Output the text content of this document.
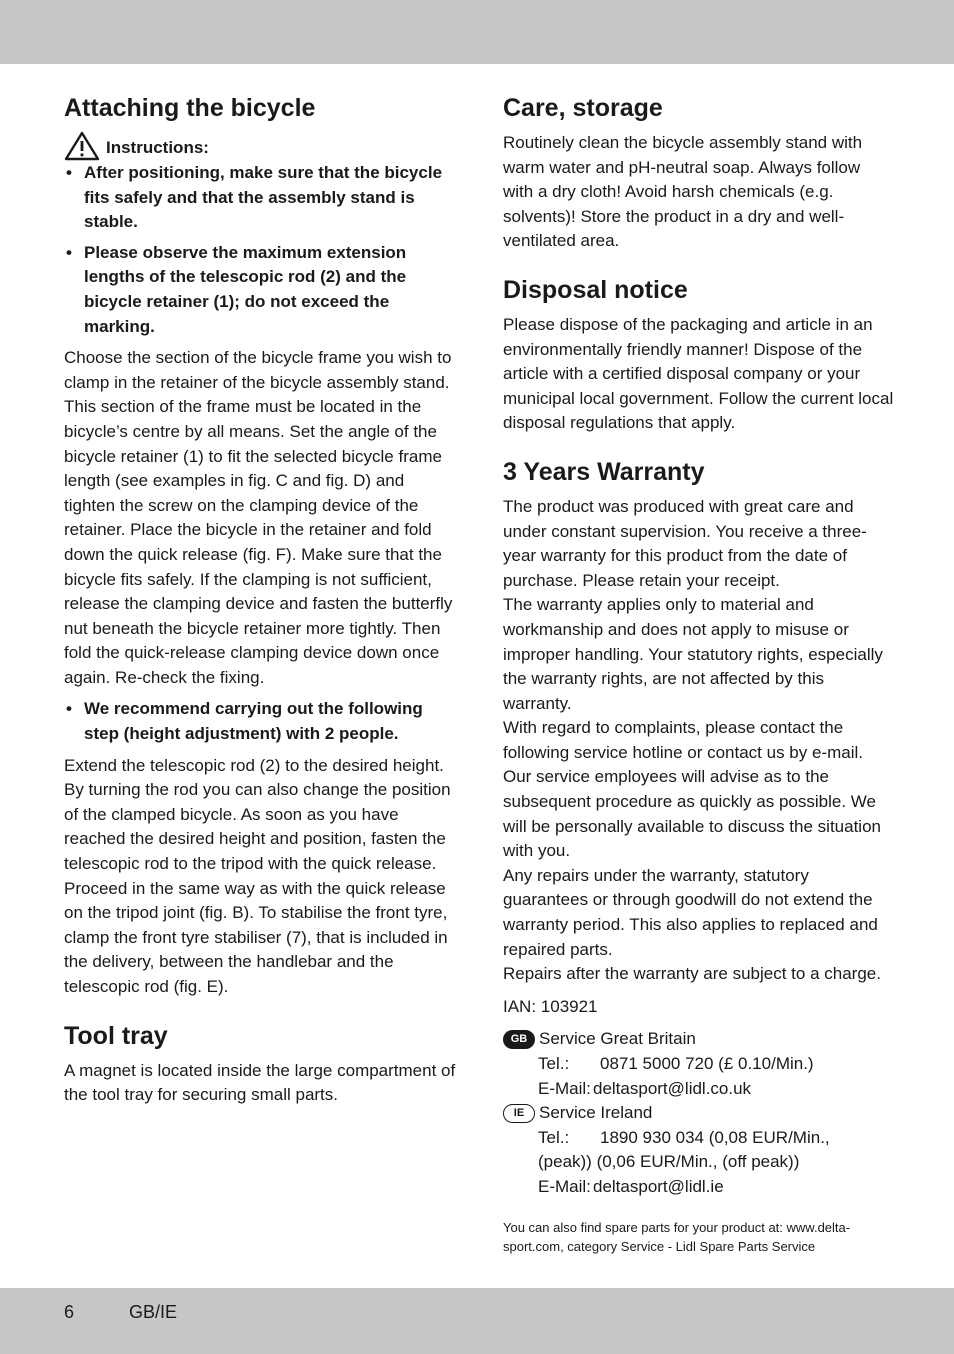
Attaching the bicycle
Instructions:
• After positioning, make sure that the bicycle fits safely and that the assembly stand is stable.
• Please observe the maximum extension lengths of the telescopic rod (2) and the bicycle retainer (1); do not exceed the marking.

Choose the section of the bicycle frame you wish to clamp in the retainer of the bicycle assembly stand. This section of the frame must be located in the bicycle’s centre by all means. Set the angle of the bicycle retainer (1) to fit the selected bicycle frame length (see examples in fig. C and fig. D) and tighten the screw on the clamping device of the retainer. Place the bicycle in the retainer and fold down the quick release (fig. F). Make sure that the bicycle fits safely. If the clamping is not sufficient, release the clamping device and fasten the butterfly nut beneath the bicycle retainer more tightly. Then fold the quick-release clamping device down once again. Re-check the fixing.

• We recommend carrying out the following step (height adjustment) with 2 people.

Extend the telescopic rod (2) to the desired height. By turning the rod you can also change the position of the clamped bicycle. As soon as you have reached the desired height and position, fasten the telescopic rod to the tripod with the quick release. Proceed in the same way as with the quick release on the tripod joint (fig. B). To stabilise the front tyre, clamp the front tyre stabiliser (7), that is included in the delivery, between the handlebar and the telescopic rod (fig. E).

Tool tray

A magnet is located inside the large compartment of the tool tray for securing small parts.

Care, storage

Routinely clean the bicycle assembly stand with warm water and pH-neutral soap. Always follow with a dry cloth! Avoid harsh chemicals (e.g. solvents)! Store the product in a dry and well-ventilated area.

Disposal notice

Please dispose of the packaging and article in an environmentally friendly manner! Dispose of the article with a certified disposal company or your municipal local government. Follow the current local disposal regulations that apply.

3 Years Warranty

The product was produced with great care and under constant supervision. You receive a three-year warranty for this product from the date of purchase. Please retain your receipt.

The warranty applies only to material and workmanship and does not apply to misuse or improper handling. Your statutory rights, especially the warranty rights, are not affected by this warranty.

With regard to complaints, please contact the following service hotline or contact us by e-mail. Our service employees will advise as to the subsequent procedure as quickly as possible. We will be personally available to discuss the situation with you.

Any repairs under the warranty, statutory guarantees or through goodwill do not extend the warranty period. This also applies to replaced and repaired parts.

Repairs after the warranty are subject to a charge.

IAN: 103921

GB Service Great Britain
Tel.:	0871 5000 720 (£ 0.10/Min.)
E-Mail: deltasport@lidl.co.uk
IE Service Ireland
Tel.:	1890 930 034 (0,08 EUR/Min.,
(peak)) (0,06 EUR/Min., (off peak))
E-Mail: deltasport@lidl.ie

You can also find spare parts for your product at: www.delta-sport.com, category Service - Lidl Spare Parts Service

6	GB/IE
